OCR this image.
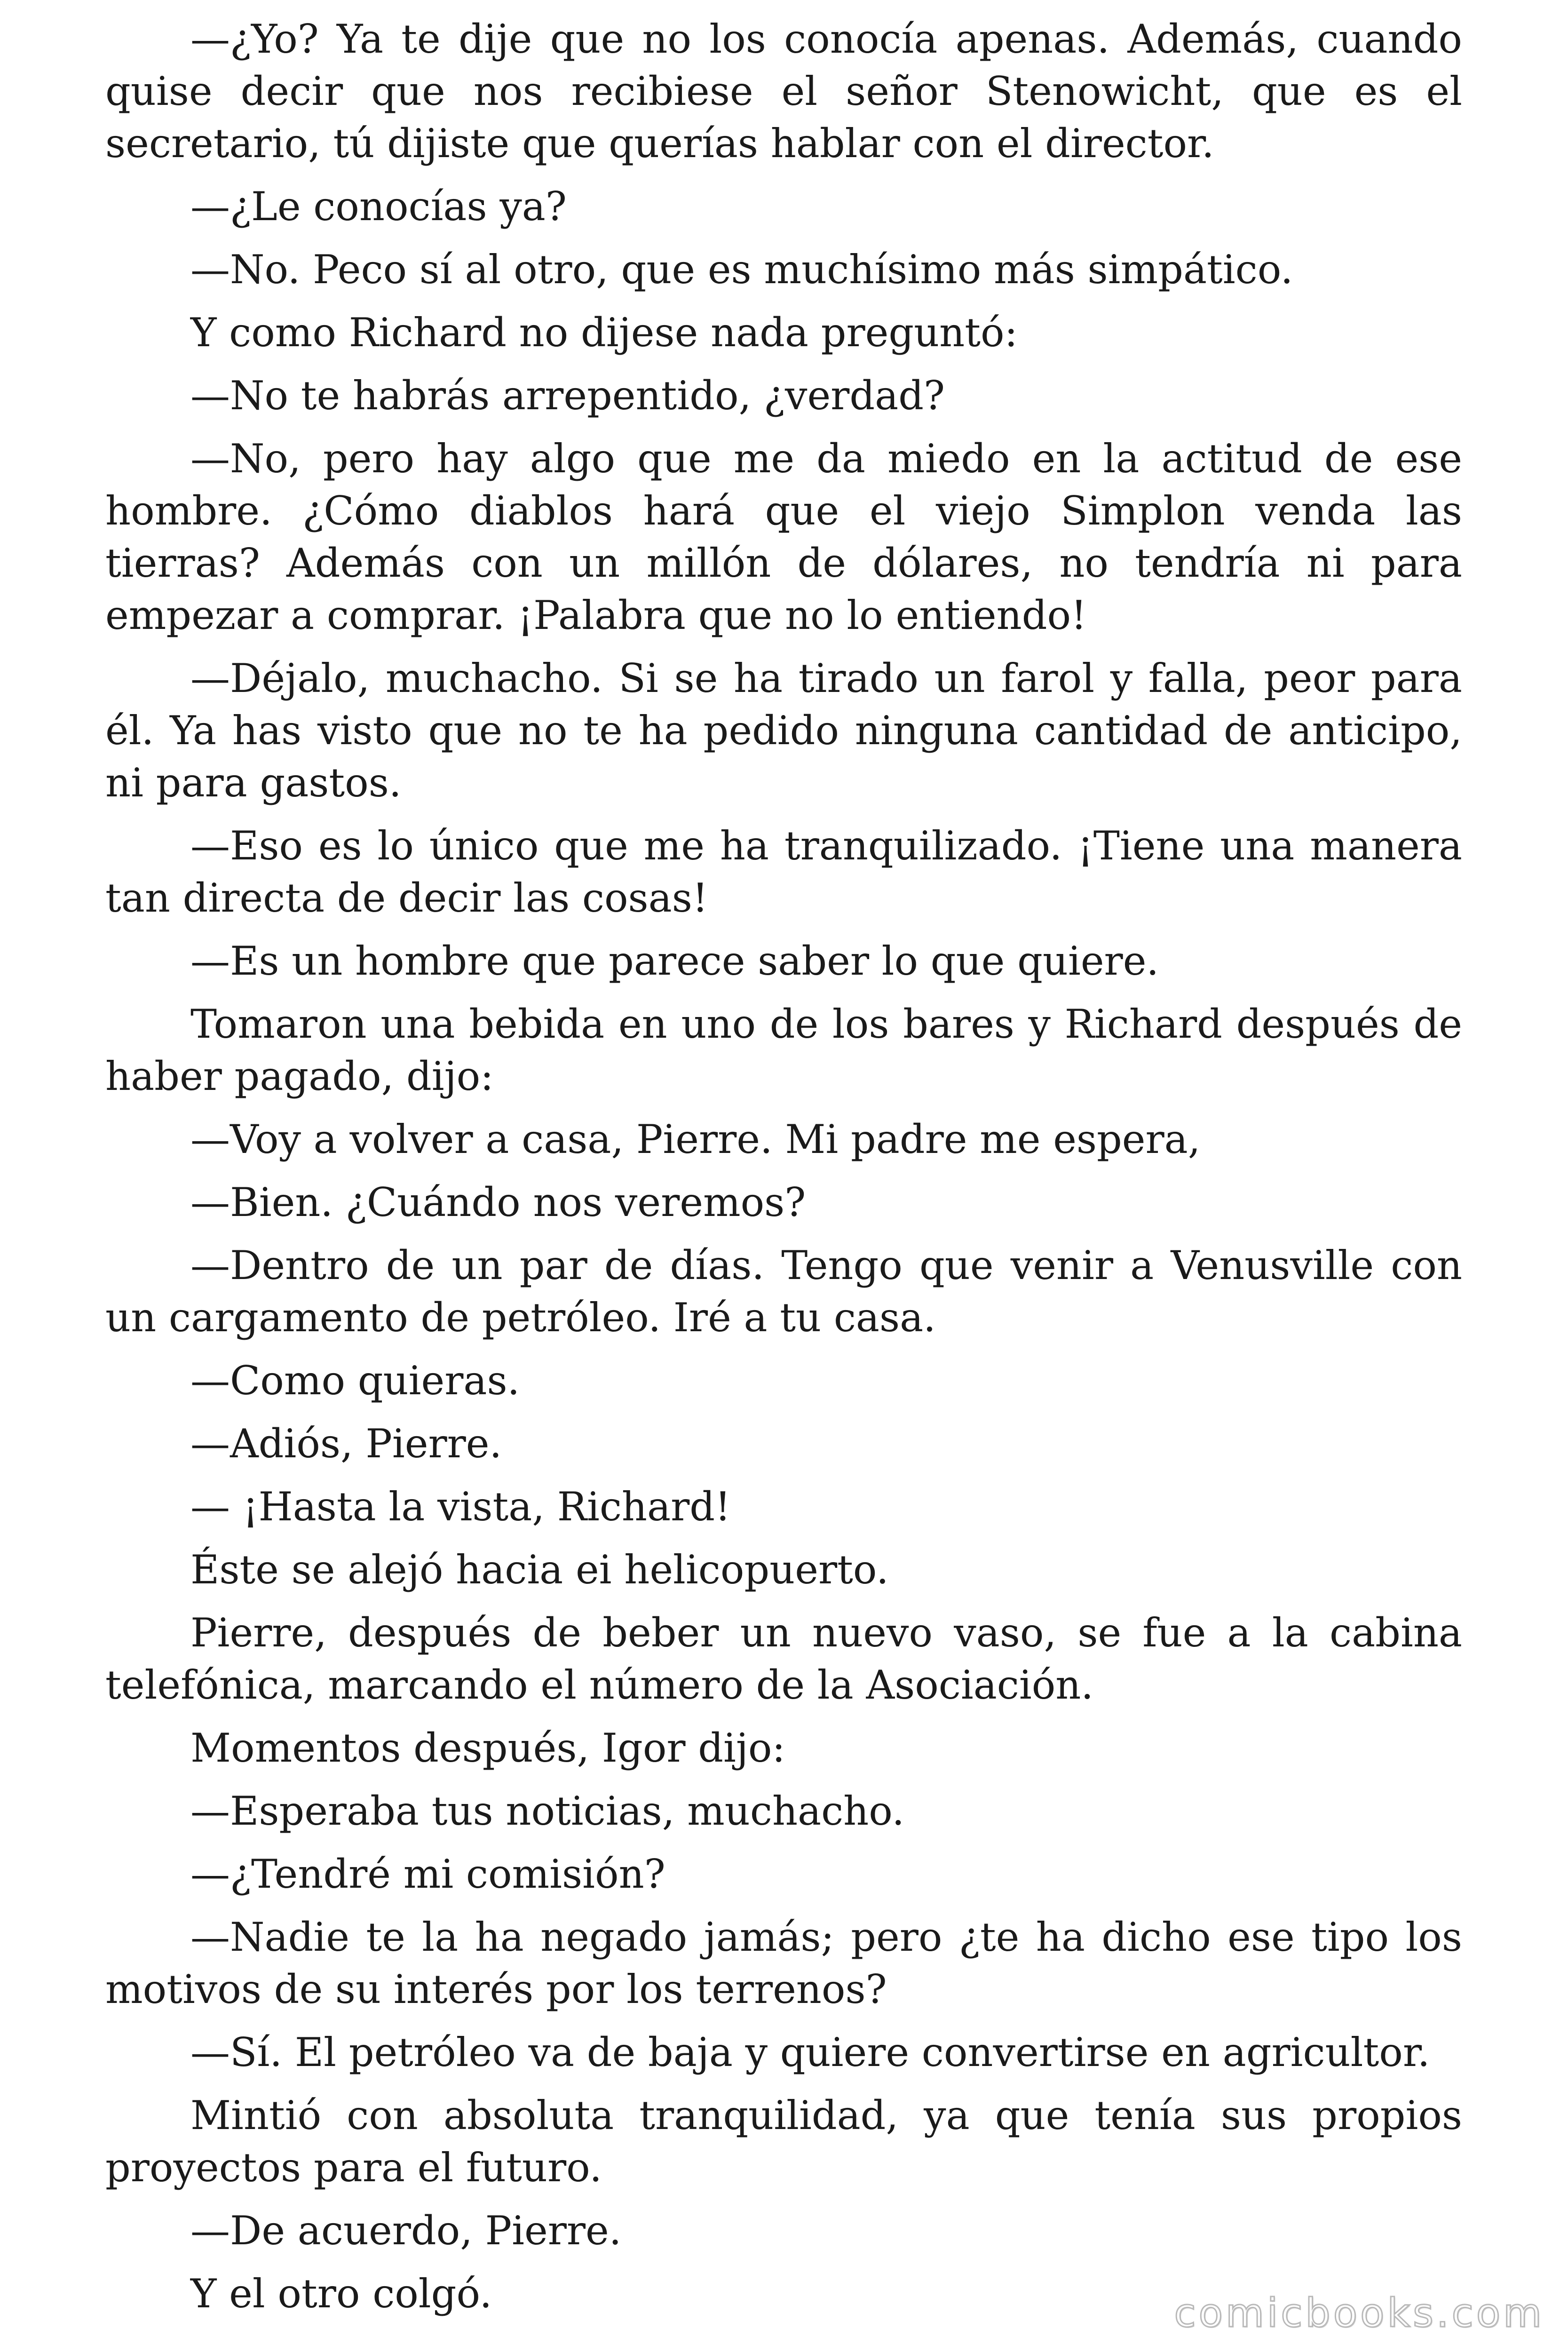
—¿Yo? Ya te dije que no los conocía apenas. Además, cuando quise decir que nos recibiese el señor Stenowicht, que es el secretario, tú dijiste que querías hablar con el director.

—¿Le conocías ya?

—No. Peco sí al otro, que es muchísimo más simpático.

Y como Richard no dijese nada preguntó:

—No te habrás arrepentido, ¿verdad?

—No, pero hay algo que me da miedo en la actitud de ese hombre. ¿Cómo diablos hará que el viejo Simplon venda las tierras? Además con un millón de dólares, no tendría ni para empezar a comprar. ¡Palabra que no lo entiendo!

—Déjalo, muchacho. Si se ha tirado un farol y falla, peor para él. Ya has visto que no te ha pedido ninguna cantidad de anticipo, ni para gastos.

—Eso es lo único que me ha tranquilizado. ¡Tiene una manera tan directa de decir las cosas!

—Es un hombre que parece saber lo que quiere.

Tomaron una bebida en uno de los bares y Richard después de haber pagado, dijo:

—Voy a volver a casa, Pierre. Mi padre me espera,

—Bien. ¿Cuándo nos veremos?

—Dentro de un par de días. Tengo que venir a Venusville con un cargamento de petróleo. Iré a tu casa.

—Como quieras.

—Adiós, Pierre.

— ¡Hasta la vista, Richard!

Éste se alejó hacia ei helicopuerto.

Pierre, después de beber un nuevo vaso, se fue a la cabina telefónica, marcando el número de la Asociación.

Momentos después, Igor dijo:

—Esperaba tus noticias, muchacho.

—¿Tendré mi comisión?

—Nadie te la ha negado jamás; pero ¿te ha dicho ese tipo los motivos de su interés por los terrenos?

—Sí. El petróleo va de baja y quiere convertirse en agricultor.

Mintió con absoluta tranquilidad, ya que tenía sus propios proyectos para el futuro.

—De acuerdo, Pierre.

Y el otro colgó.	comicbooks.com
